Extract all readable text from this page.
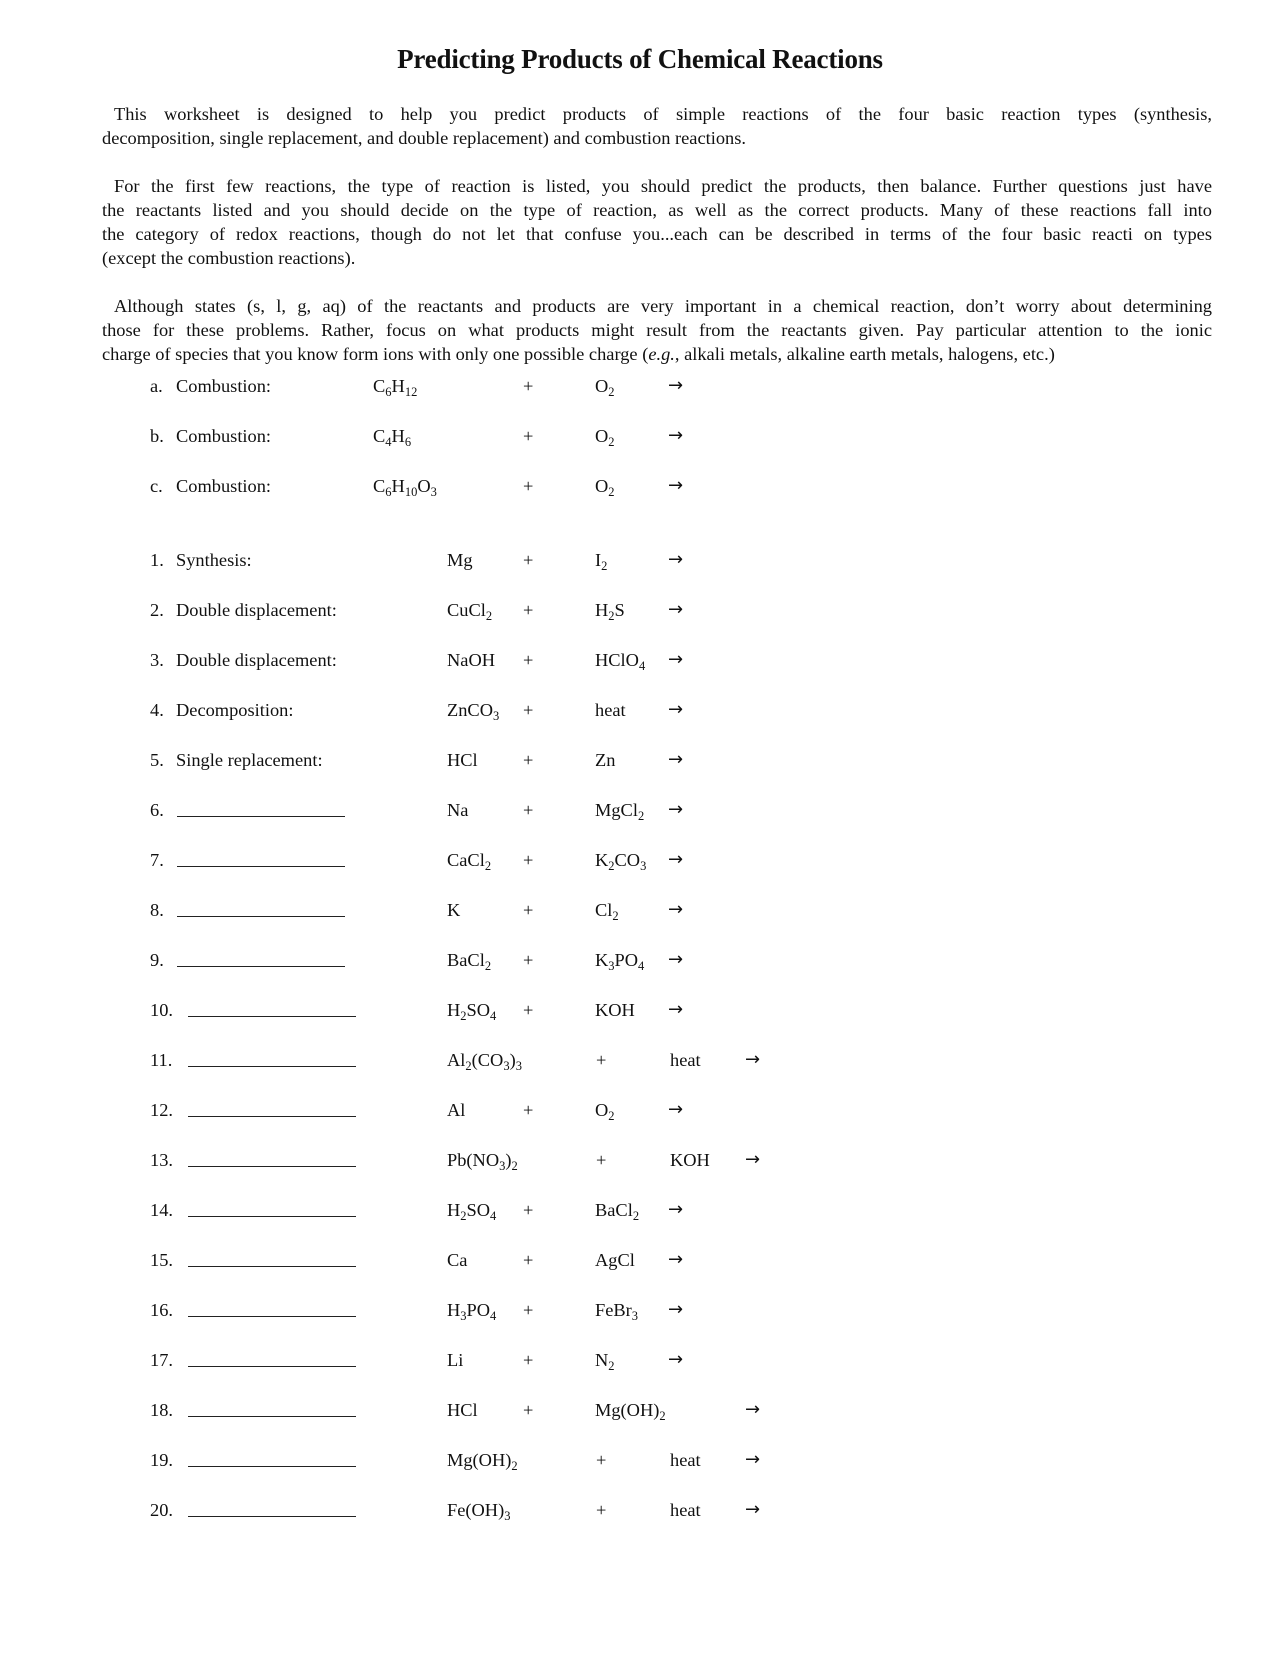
Predicting Products of Chemical Reactions

This worksheet is designed to help you predict products of simple reactions of the four basic reaction types (synthesis,
decomposition, single replacement, and double replacement) and combustion reactions.

For the first few reactions, the type of reaction is listed, you should predict the products, then balance. Further questions just have
the reactants listed and you should decide on the type of reaction, as well as the correct products. Many of these reactions fall into
the category of redox reactions, though do not let that confuse you...each can be described in terms of the four basic reacti on types
(except the combustion reactions).

Although states (s, l, g, aq) of the reactants and products are very important in a chemical reaction, don’t worry about determining
those for these problems. Rather, focus on what products might result from the reactants given. Pay particular attention to the ionic
charge of species that you know form ions with only one possible charge (e.g., alkali metals, alkaline earth metals, halogens, etc.)

a. Combustion:	$C_6H_{12}$	+	$O_2$	→
b. Combustion:	$C_4H_6$	+	$O_2$	→
c. Combustion:	$C_6H_{10}O_3$	+	$O_2$	→
1. Synthesis:	Mg	+	$I_2$	→
2. Double displacement:	CuCl$_2$ +	$H_2S$ →
3. Double displacement:	NaOH +	HClO$_4$ →
4. Decomposition:	ZnCO$_3$ +	heat →
5. Single replacement:	HCl +	Zn	→
6.	Na	+	MgCl$_2$ →
7.	CaCl$_2$ +	$K_2CO_3$ →
8.	K	+	$Cl_2$	→
9.	BaCl$_2$ +	$K_3PO_4$ →
10.	$H_2SO_4$ +	KOH →
11.	$Al_2(CO_3)_3$	+	heat →
12.	Al	+	$O_2$	→
13.	$Pb(NO_3)_2$	+	KOH →
14.	$H_2SO_4$ +	BaCl$_2$ →
15.	Ca	+	AgCl →
16.	$H_3PO_4$ +	FeBr$_3$ →
17.	Li	+	$N_2$	→
18.	HCl +	$Mg(OH)_2$	→
19.	$Mg(OH)_2$	+	heat →
20.	$Fe(OH)_3$	+	heat →
